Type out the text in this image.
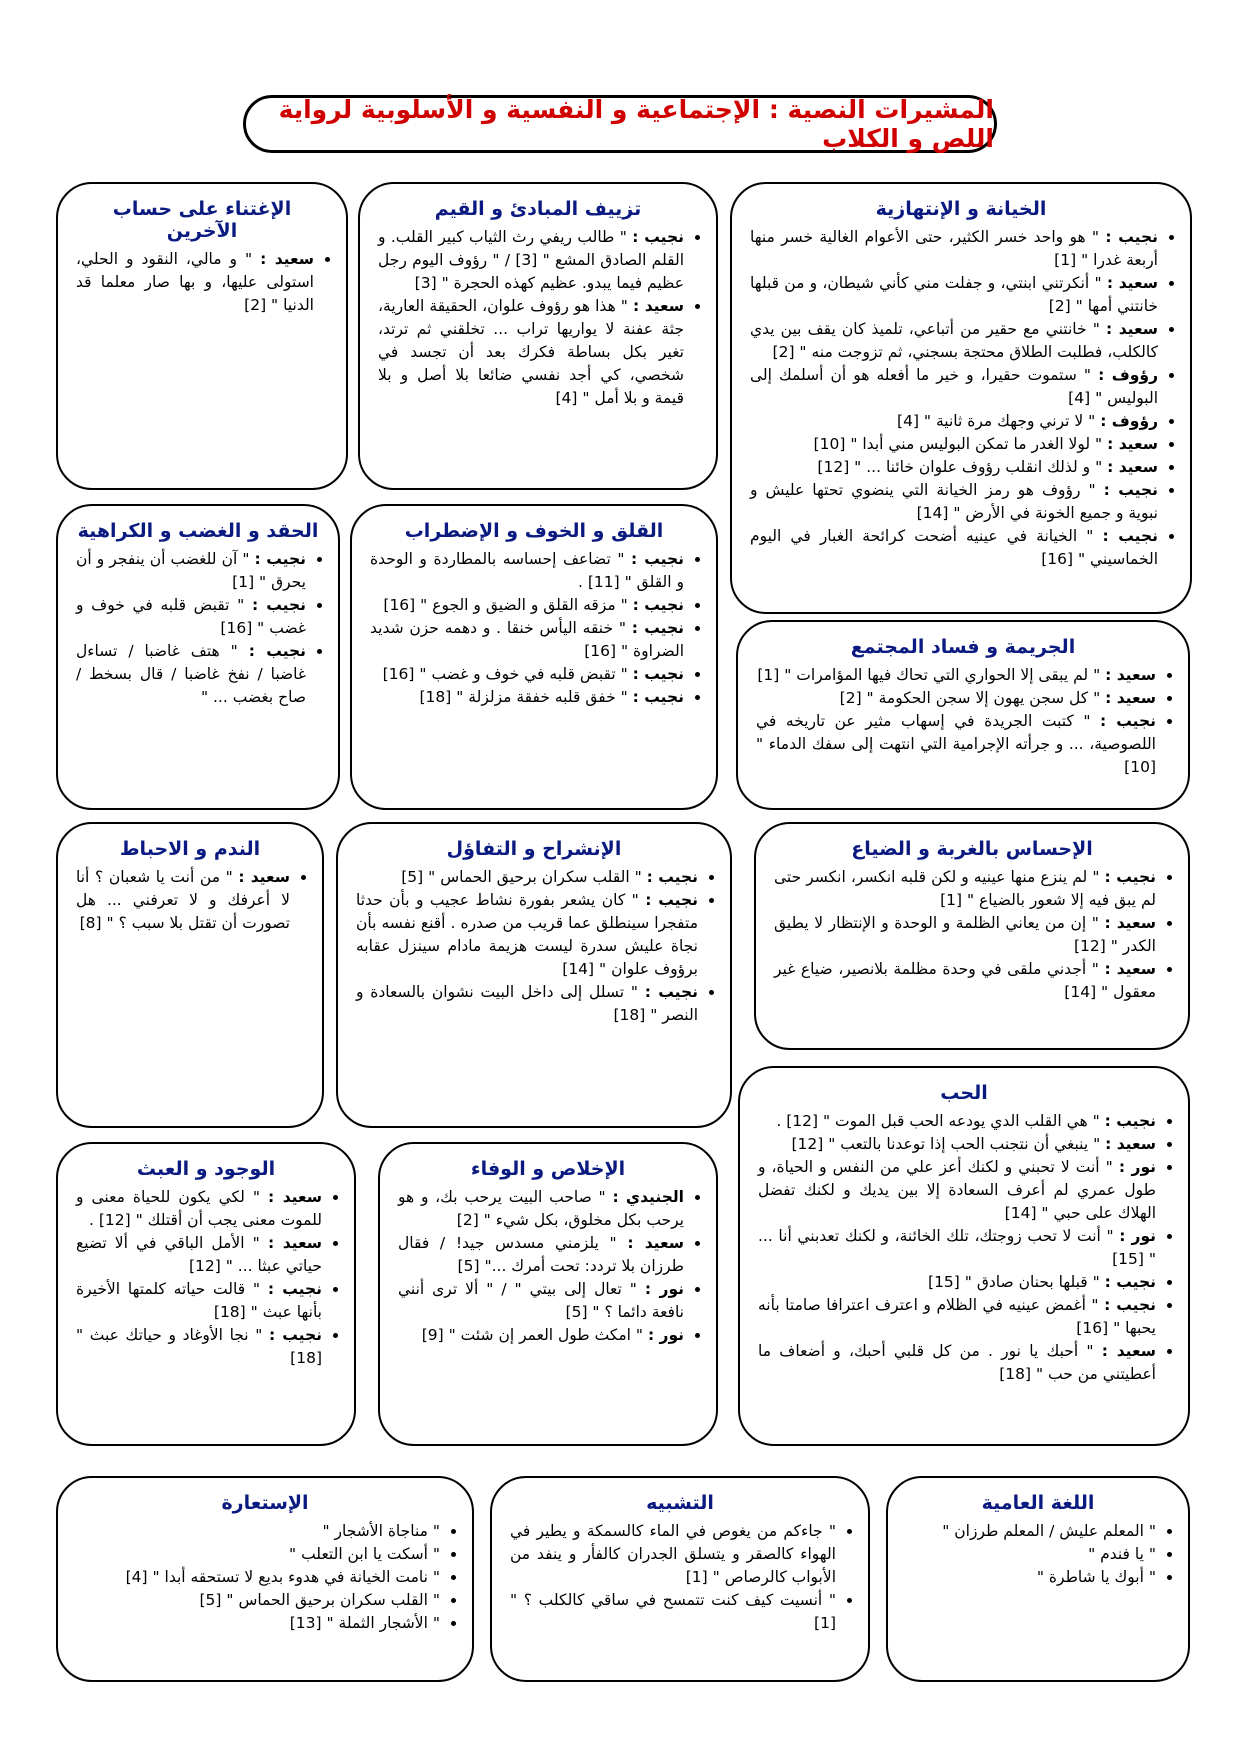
المشيرات النصية : الإجتماعية و النفسية و الأسلوبية لرواية اللص و الكلاب
الخيانة و الإنتهازية
• نجيب : " هو واحد خسر الكثير، حتى الأعوام الغالية خسر منها أربعة غدرا " [1]
• سعيد : " أنكرتني ابنتي، و جفلت مني كأني شيطان، و من قبلها خانتني أمها " [2]
• سعيد : " خانتني مع حقير من أتباعي، تلميذ كان يقف بين يدي كالكلب، فطلبت الطلاق محتجة بسجني، ثم تزوجت منه " [2]
• رؤوف : " ستموت حقيرا، و خير ما أفعله هو أن أسلمك إلى البوليس " [4]
• رؤوف : " لا ترني وجهك مرة ثانية " [4]
• سعيد : " لولا الغدر ما تمكن البوليس مني أبدا " [10]
• سعيد : " و لذلك انقلب رؤوف علوان خائنا ... " [12]
• نجيب : " رؤوف هو رمز الخيانة التي ينضوي تحتها عليش و نبوية و جميع الخونة في الأرض " [14]
• نجيب : " الخيانة في عينيه أضحت كرائحة الغبار في اليوم الخماسيني " [16]
تزييف المبادئ و القيم
• نجيب : " طالب ريفي رث الثياب كبير القلب. و القلم الصادق المشع " [3] / " رؤوف اليوم رجل عظيم فيما يبدو. عظيم كهذه الحجرة " [3]
• سعيد : " هذا هو رؤوف علوان، الحقيقة العارية، جثة عفنة لا يواريها تراب ... تخلقني ثم ترتد، تغير بكل بساطة فكرك بعد أن تجسد في شخصي، كي أجد نفسي ضائعا بلا أصل و بلا قيمة و بلا أمل " [4]
الإغتناء على حساب الآخرين
• سعيد : " و مالي، النقود و الحلي، استولى عليها، و بها صار معلما قد الدنيا " [2]
الجريمة و فساد المجتمع
• سعيد : " لم يبقى إلا الحواري التي تحاك فيها المؤامرات " [1]
• سعيد : " كل سجن يهون إلا سجن الحكومة " [2]
• نجيب : " كتبت الجريدة في إسهاب مثير عن تاريخه في اللصوصية، ... و جرأته الإجرامية التي انتهت إلى سفك الدماء " [10]
القلق و الخوف و الإضطراب
• نجيب : " تضاعف إحساسه بالمطاردة و الوحدة و القلق " [11] .
• نجيب : " مزقه القلق و الضيق و الجوع " [16]
• نجيب : " خنقه اليأس خنقا . و دهمه حزن شديد الضراوة " [16]
• نجيب : " تقبض قلبه في خوف و غضب " [16]
• نجيب : " خفق قلبه خفقة مزلزلة " [18]
الحقد و الغضب و الكراهية
• نجيب : " آن للغضب أن ينفجر و أن يحرق " [1]
• نجيب : " تقبض قلبه في خوف و غضب " [16]
• نجيب : " هتف غاضبا / تساءل غاضبا / نفخ غاضبا / قال بسخط / صاح بغضب ... "
الإحساس بالغربة و الضياع
• نجيب : " لم ينزع منها عينيه و لكن قلبه انكسر، انكسر حتى لم يبق فيه إلا شعور بالضياع " [1]
• سعيد : " إن من يعاني الظلمة و الوحدة و الإنتظار لا يطيق الكدر " [12]
• سعيد : " أجدني ملقى في وحدة مظلمة بلانصير، ضياع غير معقول " [14]
الإنشراح و التفاؤل
• نجيب : " القلب سكران برحيق الحماس " [5]
• نجيب : " كان يشعر بفورة نشاط عجيب و بأن حدثا متفجرا سينطلق عما قريب من صدره . أقنع نفسه بأن نجاة عليش سدرة ليست هزيمة مادام سينزل عقابه برؤوف علوان " [14]
• نجيب : " تسلل إلى داخل البيت نشوان بالسعادة و النصر " [18]
الندم و الاحباط
• سعيد : " من أنت يا شعبان ؟ أنا لا أعرفك و لا تعرفني ... هل تصورت أن تقتل بلا سبب ؟ " [8]
الحب
• نجيب : " هي القلب الدي يودعه الحب قبل الموت " [12] .
• سعيد : " ينبغي أن نتجنب الحب إذا توعدنا بالتعب " [12]
• نور : " أنت لا تحبني و لكنك أعز علي من النفس و الحياة، و طول عمري لم أعرف السعادة إلا بين يديك و لكنك تفضل الهلاك على حبي " [14]
• نور : " أنت لا تحب زوجتك، تلك الخائنة، و لكنك تعدبني أنا ... " [15]
• نجيب : " قبلها بحنان صادق " [15]
• نجيب : " أغمض عينيه في الظلام و اعترف اعترافا صامتا بأنه يحبها " [16]
• سعيد : " أحبك يا نور . من كل قلبي أحبك، و أضعاف ما أعطيتني من حب " [18]
الإخلاص و الوفاء
• الجنيدي : " صاحب البيت يرحب بك، و هو يرحب بكل مخلوق، بكل شيء " [2]
• سعيد : " يلزمني مسدس جيد! / فقال طرزان بلا تردد: تحت أمرك ..." [5]
• نور : " تعال إلى بيتي " / " ألا ترى أنني نافعة دائما ؟ " [5]
• نور : " امكث طول العمر إن شئت " [9]
الوجود و العبث
• سعيد : " لكي يكون للحياة معنى و للموت معنى يجب أن أقتلك " [12] .
• سعيد : " الأمل الباقي في ألا تضيع حياتي عبثا ... " [12]
• نجيب : " قالت حياته كلمتها الأخيرة بأنها عبث " [18]
• نجيب : " نجا الأوغاد و حياتك عبث " [18]
اللغة العامية
• " المعلم عليش / المعلم طرزان "
• " يا فندم "
• " أبوك يا شاطرة "
التشبيه
• " جاءكم من يغوص في الماء كالسمكة و يطير في الهواء كالصقر و يتسلق الجدران كالفأر و ينفد من الأبواب كالرصاص " [1]
• " أنسيت كيف كنت تتمسح في ساقي كالكلب ؟ " [1]
الإستعارة
• " مناجاة الأشجار "
• " أسكت يا ابن التعلب "
• " نامت الخيانة في هدوء بديع لا تستحقه أبدا " [4]
• " القلب سكران برحيق الحماس " [5]
• " الأشجار الثملة " [13]
